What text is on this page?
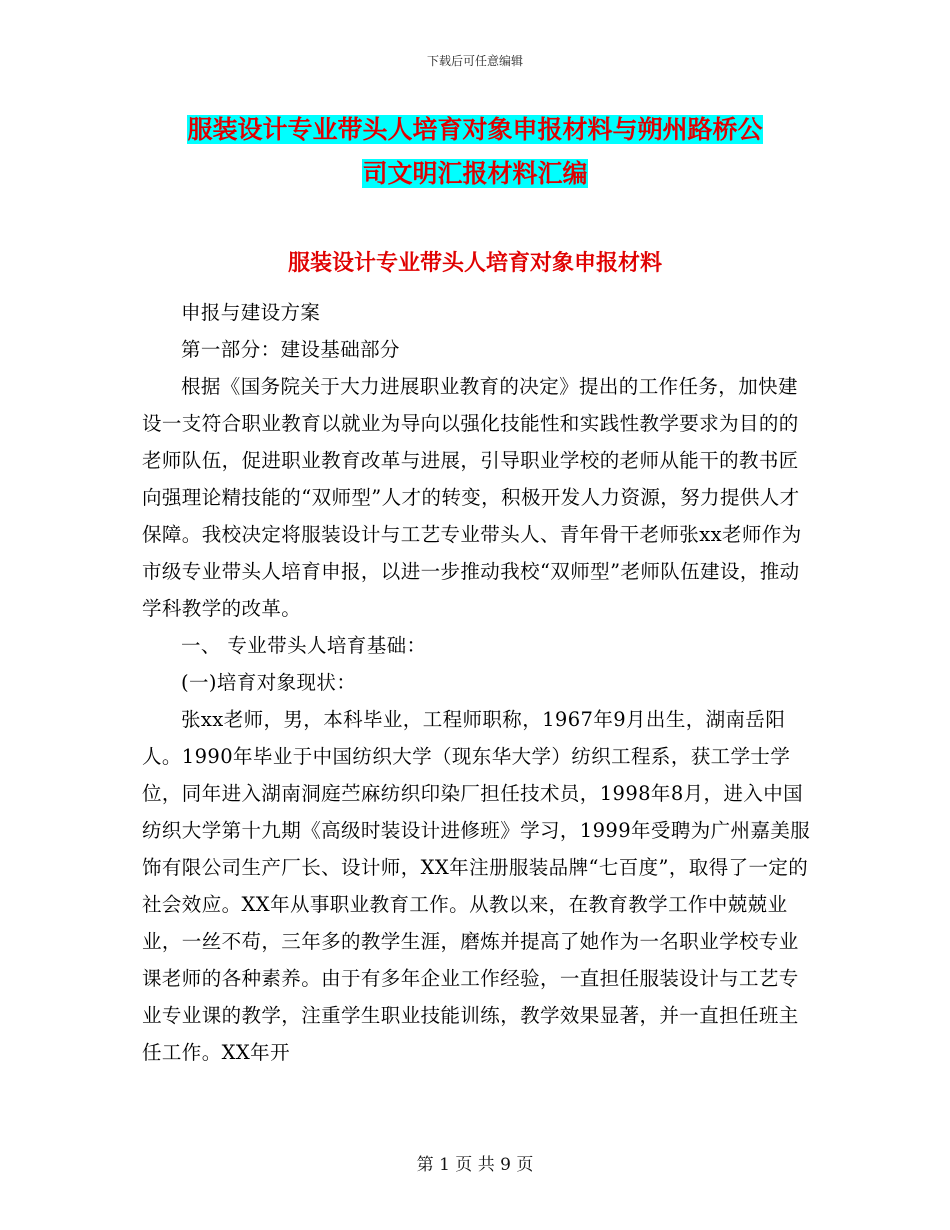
下载后可任意编辑
服装设计专业带头人培育对象申报材料与朔州路桥公
司文明汇报材料汇编
服装设计专业带头人培育对象申报材料

申报与建设方案

第一部分：建设基础部分

根据《国务院关于大力进展职业教育的决定》提出的工作任务，加快建设一支符合职业教育以就业为导向以强化技能性和实践性教学要求为目的的老师队伍，促进职业教育改革与进展，引导职业学校的老师从能干的教书匠向强理论精技能的“双师型”人才的转变，积极开发人力资源，努力提供人才保障。我校决定将服装设计与工艺专业带头人、青年骨干老师张xx老师作为市级专业带头人培育申报，以进一步推动我校“双师型”老师队伍建设，推动学科教学的改革。

一、 专业带头人培育基础：

(一)培育对象现状：

张xx老师，男，本科毕业，工程师职称，1967年9月出生，湖南岳阳人。1990年毕业于中国纺织大学（现东华大学）纺织工程系，获工学士学位，同年进入湖南洞庭苎麻纺织印染厂担任技术员，1998年8月，进入中国纺织大学第十九期《高级时装设计进修班》学习，1999年受聘为广州嘉美服饰有限公司生产厂长、设计师，XX年注册服装品牌“七百度”，取得了一定的社会效应。XX年从事职业教育工作。从教以来，在教育教学工作中兢兢业业，一丝不苟，三年多的教学生涯，磨炼并提高了她作为一名职业学校专业课老师的各种素养。由于有多年企业工作经验，一直担任服装设计与工艺专业专业课的教学，注重学生职业技能训练，教学效果显著，并一直担任班主任工作。XX年开

第 1 页 共 9 页
